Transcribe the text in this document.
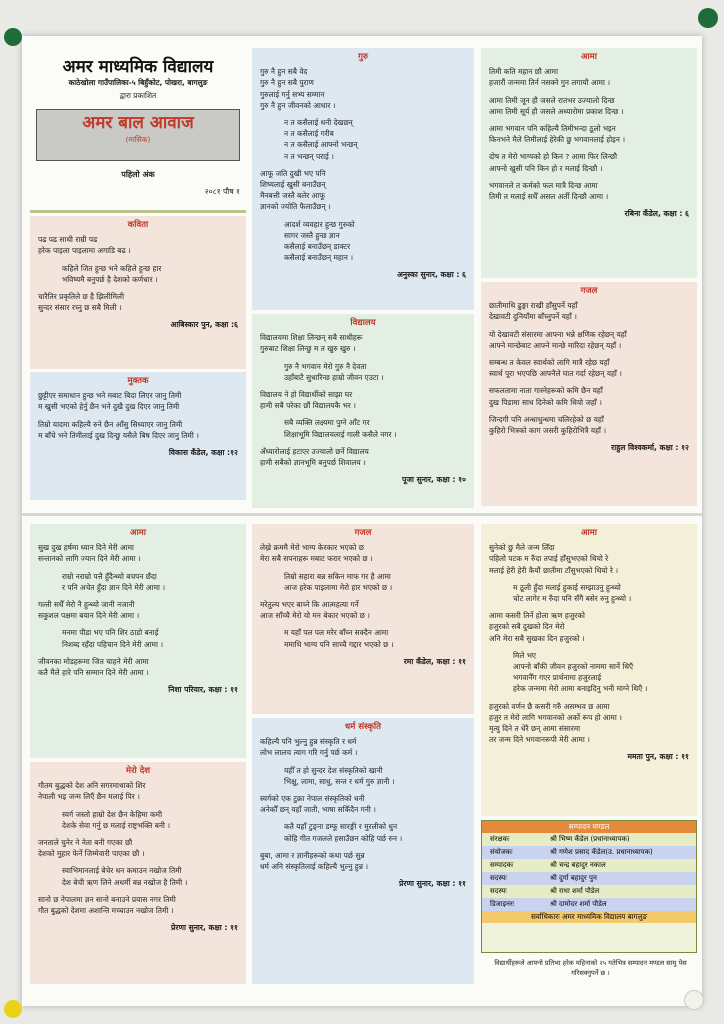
अमर माध्यमिक विद्यालय

काठेखोला गाउँपालिका-५ बिहुँकोट, पोखरा, बागलुङ

द्वारा प्रकाशित

अमर बाल आवाज
(मासिक)
पहिलो अंक
२०८१ पौष १
कविता

पढ पढ साथी राम्री पढ
हरेक पाइला पाइलामा अगाडि बढ ।

कहिले जित हुन्छ भने कहिले हुन्छ हार
भविष्यमै बनुपर्छ है देशको कर्णधार ।

चारैतिर प्रकृतिले छ है झिलीमिली
सुन्दर संसार रच्नु छ सबै मिली ।

आबिस्कार पुन, कक्षा :६
मुक्तक

छुट्टीएर समाधान हुन्छ भने मबाट बिदा लिएर जानु तिमी
म खुसी भएको हेर्नु छैन भने दुखै दुख दिएर जानु तिमी

तिम्रो यादमा कहिल्यै रुने छैन आँसु सिध्याएर जानु तिमी
म बाँचे भने तिमीलाई दुख दिन्छु यसैले बिष दिएर जानु तिमी ।

विकास कँडेल, कक्षा :१२
गुरु

गुरु नै हुन सबै वेद
गुरु नै हुन सबै पुराण
गुरुलाई गर्नु सभ्य सम्मान
गुरु नै हुन जीवनको आधार ।

न त कसैलाई धनी देखछन्
न त कसैलाई गरीब
न त कसैलाई आफ्नो भन्छन्
न त भन्छन् पराई ।

आफू जति दुखी भए पनि
शिष्यलाई खुसी बनाउँछन्
मैनबत्ती जस्तै बलेर आफू
ज्ञानको ज्योति फैलाउँछन् ।

आदर्श व्यवहार हुन्छ गुरुको
सागर जस्तै हुन्छ ज्ञान
कसैलाई बनाउँछन् डाक्टर
कसैलाई बनाउँछन् महान ।

अनुस्का सुनार, कक्षा : ६
विद्यालय

विद्यालयमा शिक्षा लिन्छन् सबै साथीहरू
गुरुबाट शिक्षा लिन्छु म त खुरु खुरु ।

गुरु नै भगवान मेरो गुरु नै देवता
उहाँबाटै सुधारिन्छ हाम्रो जीवन एउटा ।

विद्यालय ने हो विद्यार्थीको साझा घर
हामी सबै परेका छौं विद्यालयकै भर ।

सबै व्यक्ति लक्ष्यमा पुग्ने आँट गर
शिक्षाभूमि विद्यालयलाई गाली कसैले नगर ।

अँध्यारोलाई हटाएर उज्यालो छर्ने विद्यालय
हामी सबैको ज्ञानभूमि बनुपर्छ शिवालय ।

पूजा सुनार, कक्षा : १०
आमा

तिमी कति महान छौ आमा
हजारौं जन्ममा तिर्न नसक्ने गुन लगायौ आमा ।

आमा तिमी जून हौ जसले रातभर उज्यालो दिन्छ
आमा तिमी सूर्य हौ जसले अध्यारोमा प्रकाश दिन्छ ।

आमा भगवान पनि कहिल्यै तिमीभन्दा ठूलो भइन
किनभने मैले तिमीलाई हेरेकी छु भगवानलाई होइन ।

दोष त मेरो भाग्यको हो किन ? आमा फिर लिन्छौ
आफ्नो खुसी पनि किन हो र मलाई दिन्छौ ।

भगवानले त कर्मको फल मात्रै दिन्छ आमा
तिमी त मलाई सधैँ असल अर्ती दिन्छौ आमा ।

रबिना कँडेल, कक्षा : ६
गजल

छातीमाथि ढुङ्गा राखी हाँसुपर्ने यहाँ
देखावटी दुनियाँमा बाँच्नुपर्ने यहाँ ।

यो देखावटी संसारमा आफ्ना भन्ने क्षणिक रहेछन् यहाँ
आफ्ने मान्छेबाट आफ्ने मान्छे मारिदा रहेछन् यहाँ ।

सम्बन्ध त केवल स्वार्थको लागि मात्रै रहेछ यहाँ
स्वार्थ पूरा भएपछि आफ्नैले घात गर्दा रहेछन् यहाँ ।

सफलतामा नाता गास्नेहरूको कमि छैन यहाँ
दुख पिडामा साथ दिनेको कमि थियो जहाँ ।

जिन्दगी पनि अन्धाधुन्धमा चलिरहेको छ यहाँ
कुहिरो भित्रको काग जसरी कुहिरोभित्रै यहाँ ।

राहुल विश्वकर्मा, कक्षा : १२
आमा

सुख दुख हर्षमा ध्यान दिने मेरी आमा
सन्तानको लागि ज्यान दिने मेरी आमा ।

राम्रो नराम्रो पत्तै हुँदैन्थ्यो बचपन छँदा
र पनि अचेत हुँदा ज्ञान दिने मेरी आमा ।

गल्ती सधैँ मेरो नै हुन्थ्यो जानी नजानी
सकुशल पक्षमा बयान दिने मेरी आमा ।

मनमा पीडा भए पनि शिर ठाडो बनाई
निशब्द रहँदा पहिचान दिने मेरी आमा ।

जीवनका मोडहरूमा जित चाहने मेरी आमा
कतै मैले हारे पनि सम्मान दिने मेरी आमा ।

निशा परियार, कक्षा : ११
मेरो देश

गौतम बुद्धको देश अनि सगरमाथाको शिर
नेपाली भइ जन्म लिएँ छैन मलाई पिर ।

स्वर्ग जस्तो हाम्रो देश छैन केहिमा कमी
देशके सेवा गर्नु छ मलाई राष्ट्रभक्ति बनी ।

जनताले चुनेर ने नेता बनी गएका छौ
देशको मुहार फेर्ने जिम्मेवारी पाएका छौ ।

स्वाभिमानलाई बेचेर धन कमाउन नखोज तिमी
देश बेची ऋण लिने अधर्मी बन्न नखोज है तिमी ।

सानो छ नेपालमा ज्ञन सानो बनाउने प्रयास नगर तिमी
गौत बुद्धको देशमा अशान्ति मच्चाउन नखोज तिमी ।

प्रेरणा सुनार, कक्षा : ११
गजल

लेख्रे क्रममै मेरो भाग्य केरकार भएको छ
मेरा सबै सपनाहरू मबाट फरार भएको छ ।

तिम्रो सहारा बन्न सकिन माफ गर है आमा
आज हरेक पाइलामा मेरो हार भएको छ ।

मरेतुल्य भएर बाच्ने कि आत्महत्या गर्ने
आज साँच्चै मेरो यो मन बेकार भएको छ ।

म यहाँ पल पल मरेर बाँच्न सक्दैन आमा
ममाथि भाग्य पनि साच्चै गद्दार भएको छ ।

रमा कँडेल, कक्षा : ११
धर्म संस्कृति

कहिल्यै पनि भुल्नु हुन्न संस्कृति र धर्म
लोभ लालच त्याग गरि गर्नु पर्छ कर्म ।

यहीँ त हो सुन्दर देश संस्कृतिको खानी
भिक्षु, लामा, साधु, सन्त र धर्म गुरु ज्ञानी ।

स्वर्गको एक टुक्रा नेपाल संस्कृतिको धनी
अनेकौँ छन् यहाँ जाती, भाषा सकिँदैन गनी ।

कतै यहाँ टुङ्ना डम्फू सारङ्गी र मुरलीको धुन
कोहि गीत गजलले हसाउँछन कोहि पर्छ रुन ।

बुबा, आमा र ज्ञानीहरूको कथा पर्छ सुन्न
धर्म अनि संस्कृतिलाई कहिल्यै भुल्नु हुन्न ।

प्रेरणा सुनार, कक्षा : ११
आमा

सुनेको छु मैले जन्म लिँदा
पहिलो पटक म रुँदा तपाई हाँसुभएको थियो रे
मलाई हेरी हेरी कैयौं छातीमा टाँसुभएको थियो रे ।

म ठूली हुँदा मलाई हुकाई सम्झाउनु हुन्थ्यो
चोट लागेर म रुँदा पनि सँगै बसेर रुनु हुन्थ्यो ।

आमा कसरी तिर्ने होला ऋण हजुरको
हजुरको सबै दुखको दिन मेरो
अनि मेरा सबै सुखका दिन हजुरको ।

मिले भए
आफ्नो बाँकी जीवन हजुरको नाममा सार्ने थिएँ
भगवानैँग गएर प्रार्थनामा हजुरलाई
हरेक जन्ममा मेरो आमा बनाइदिनु भनी माग्ने थिएँ ।

हजुरको वर्णन छै कसरी गरुँ असम्भव छ आमा
हजुर त मेरो लागि भगवानको अर्को रूप हो आमा ।
मृत्यु दिने त धेरै छन् आमा संसारमा
तर जन्म दिने भगवानरूपी मेरी आमा ।

ममता पुन, कक्षा : ११
सम्पादन मण्डल
संरक्षकः	श्री भिष्म कँडेल (प्रधानाध्यापक)
संयोजकः	श्री गणेश प्रसाद कँडेल(उ. प्रधानाध्यापक)
सम्पादकः	श्री चन्द्र बहादुर नकाल
सदस्यः	श्री दुर्गा बहादुर पुन
सदस्यः	श्री राधा शर्मा पौडेल
डिजाइनरः	श्री दामोदर शर्मा पौडेल
सर्वाधिकारः अमर माध्यमिक विद्यालय बागलुङ
विद्यार्थीहरूले आफ्नो प्रतिभा हरेक महिनाको २५ गतेभित्र सम्पादन मण्डल सामु पेस गरिसक्नुपर्ने छ ।
